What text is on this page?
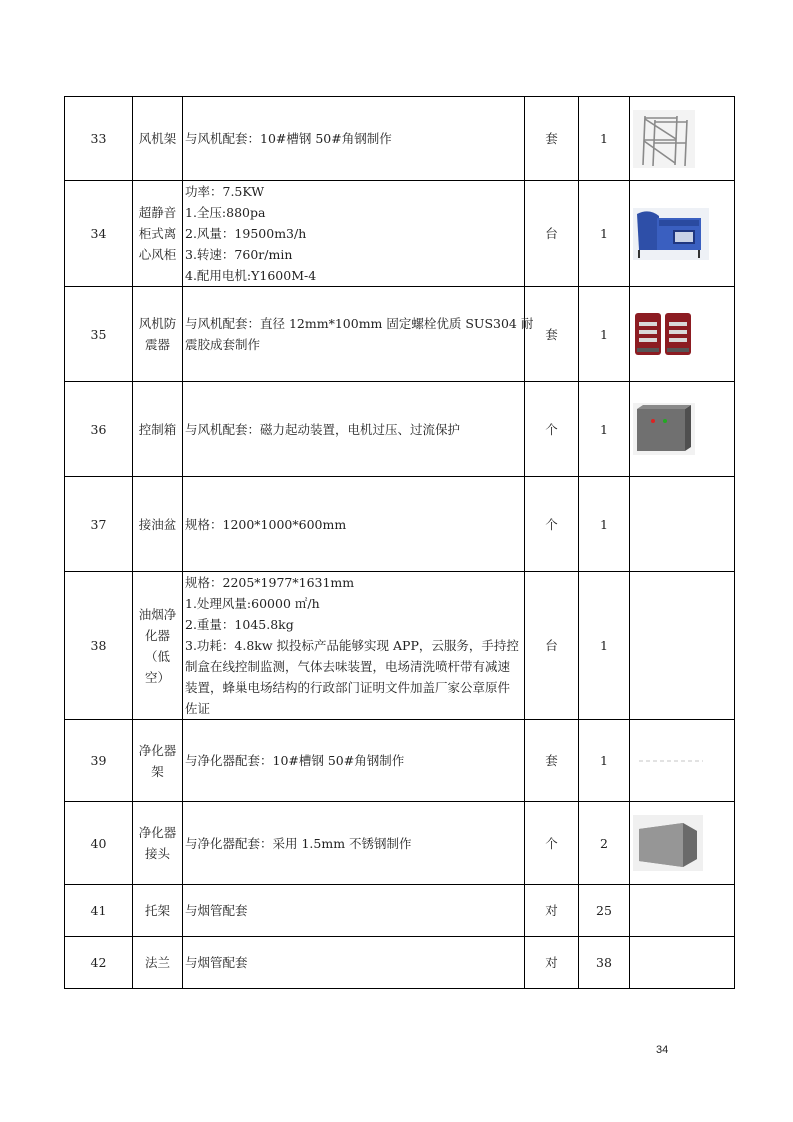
33	风机架	与风机配套：10#槽钢 50#角钢制作	套	1	

34	超静音
柜式离
心风柜	功率：7.5KW
1.全压:880pa
2.风量：19500m3/h
3.转速：760r/min
4.配用电机:Y1600M-4	台	1	

35	风机防
震器	与风机配套：直径 12mm*100mm 固定螺栓优质 SUS304 耐
震胶成套制作	套	1	

36	控制箱	与风机配套：磁力起动装置，电机过压、过流保护	个	1	

37	接油盆	规格：1200*1000*600mm	个	1	
38	油烟净
化器
（低
空）	规格：2205*1977*1631mm
1.处理风量:60000 ㎡/h
2.重量：1045.8kg
3.功耗：4.8kw 拟投标产品能够实现 APP，云服务，手持控制盒在线控制监测，气体去味装置，电场清洗喷杆带有减速装置，蜂巢电场结构的行政部门证明文件加盖厂家公章原件佐证	台	1	
39	净化器
架	与净化器配套：10#槽钢 50#角钢制作	套	1	

40	净化器
接头	与净化器配套：采用 1.5mm 不锈钢制作	个	2	

41	托架	与烟管配套	对	25	
42	法兰	与烟管配套	对	38	
34
